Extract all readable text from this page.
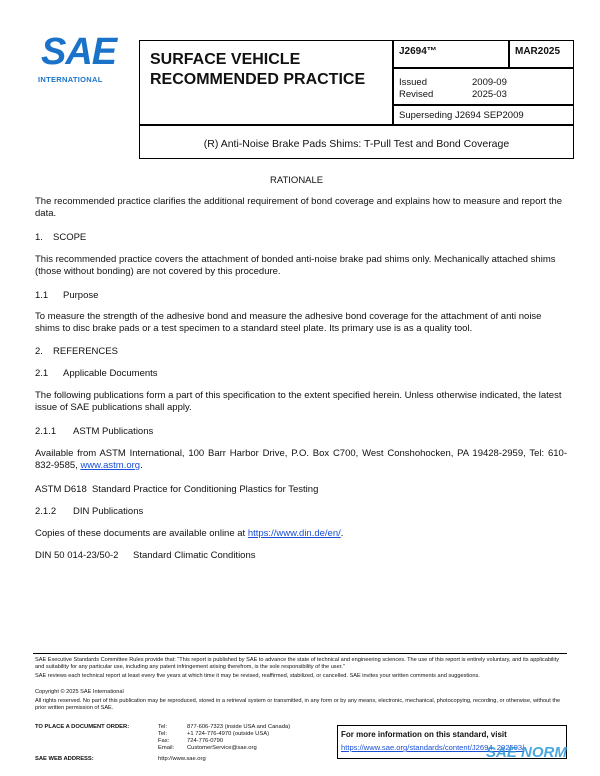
SAE
INTERNATIONAL
SURFACE VEHICLE
RECOMMENDED PRACTICE
J2694™	MAR2025
Issued	2009-09
Revised	2025-03
Superseding J2694 SEP2009
(R) Anti-Noise Brake Pads Shims: T-Pull Test and Bond Coverage
RATIONALE
The recommended practice clarifies the additional requirement of bond coverage and explains how to measure and report the data.
1. SCOPE
This recommended practice covers the attachment of bonded anti-noise brake pad shims only. Mechanically attached shims (those without bonding) are not covered by this procedure.
1.1 Purpose
To measure the strength of the adhesive bond and measure the adhesive bond coverage for the attachment of anti noise shims to disc brake pads or a test specimen to a standard steel plate. Its primary use is as a quality tool.
2. REFERENCES
2.1 Applicable Documents
The following publications form a part of this specification to the extent specified herein. Unless otherwise indicated, the latest issue of SAE publications shall apply.
2.1.1 ASTM Publications
Available from ASTM International, 100 Barr Harbor Drive, P.O. Box C700, West Conshohocken, PA 19428-2959, Tel: 610-832-9585, www.astm.org.
ASTM D618 Standard Practice for Conditioning Plastics for Testing
2.1.2 DIN Publications
Copies of these documents are available online at https://www.din.de/en/.
DIN 50 014-23/50-2 Standard Climatic Conditions
SAE Executive Standards Committee Rules provide that: “This report is published by SAE to advance the state of technical and engineering sciences. The use of this report is entirely voluntary, and its applicability and suitability for any particular use, including any patent infringement arising therefrom, is the sole responsibility of the user.”
SAE reviews each technical report at least every five years at which time it may be revised, reaffirmed, stabilized, or cancelled. SAE invites your written comments and suggestions.
Copyright © 2025 SAE International
All rights reserved. No part of this publication may be reproduced, stored in a retrieval system or transmitted, in any form or by any means, electronic, mechanical, photocopying, recording, or otherwise, without the prior written permission of SAE.
TO PLACE A DOCUMENT ORDER:	Tel:	877-606-7323 (inside USA and Canada)
Tel:	+1 724-776-4970 (outside USA)
Fax:	724-776-0790
Email: CustomerService@sae.org
SAE WEB ADDRESS:	http://www.sae.org
For more information on this standard, visit
https://www.sae.org/standards/content/J2694_202503/
SAE NORM
